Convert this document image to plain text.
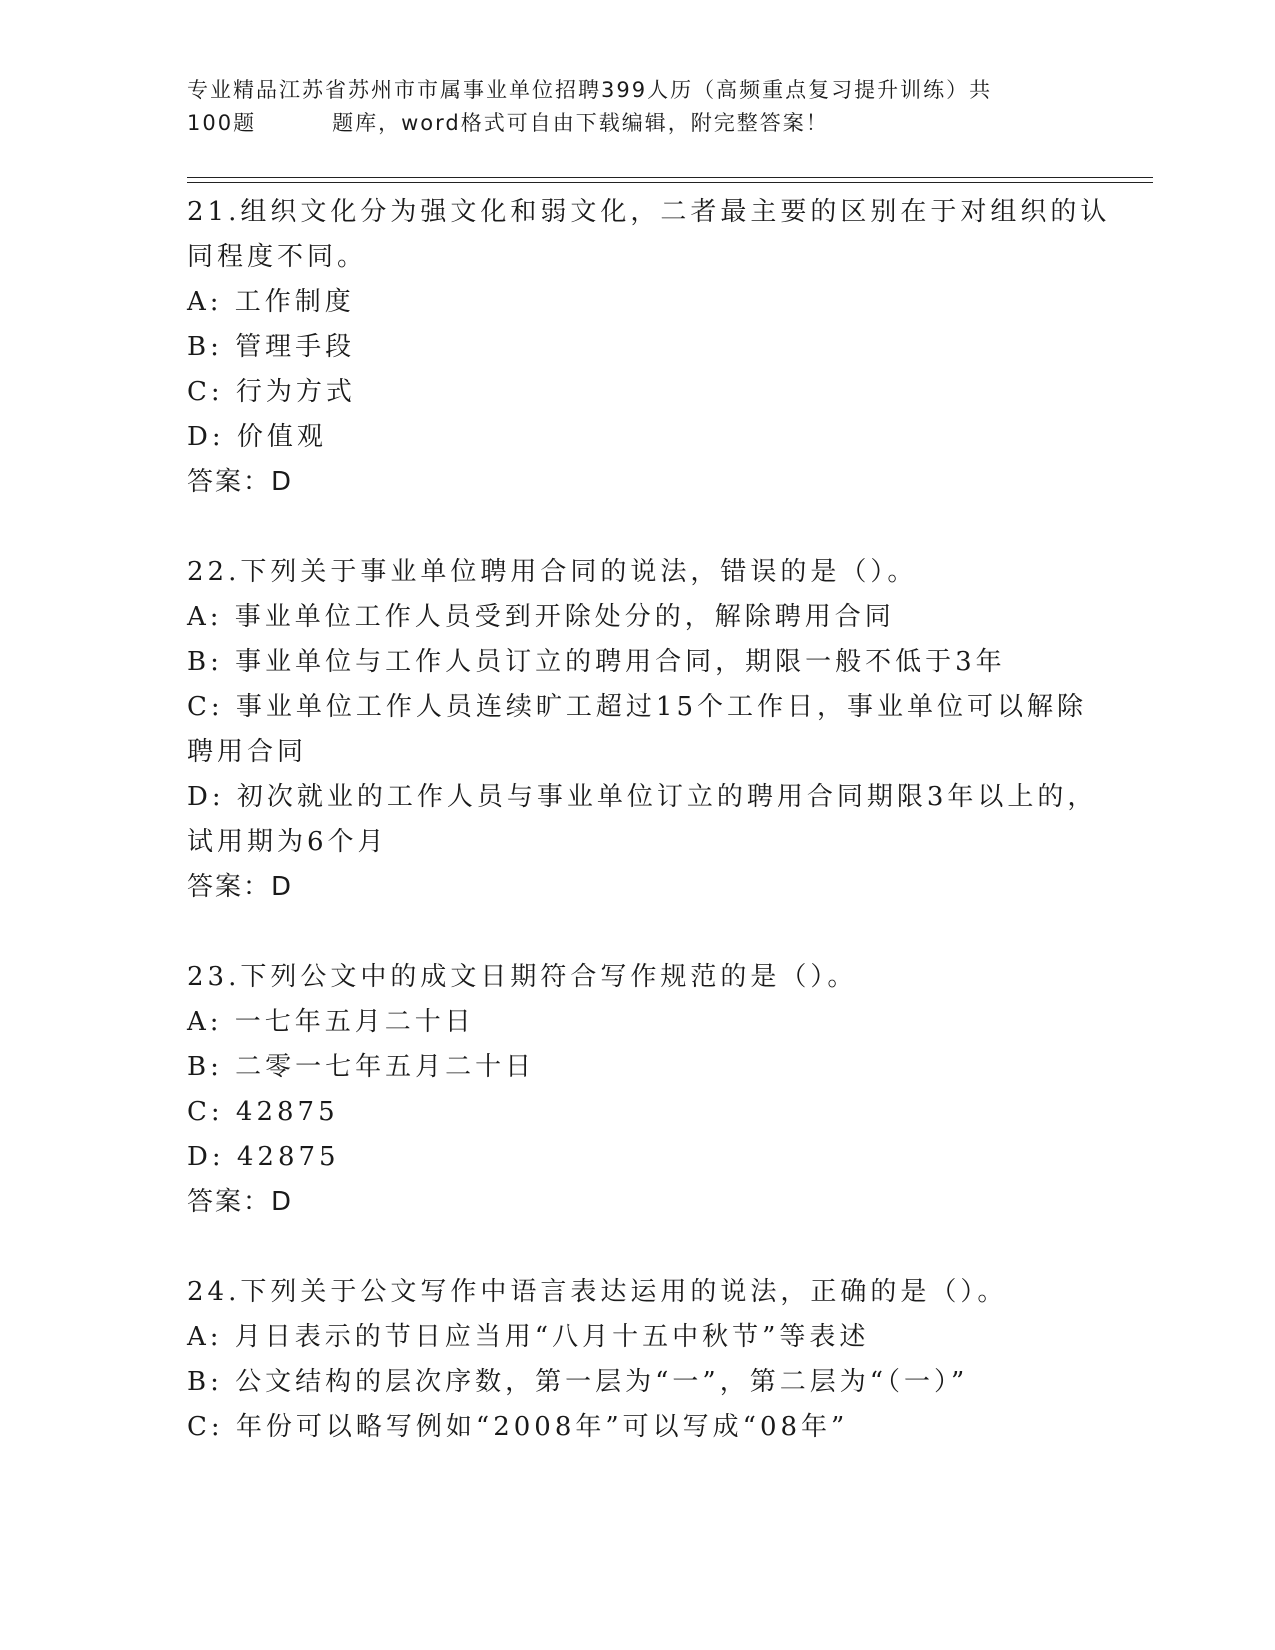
专业精品江苏省苏州市市属事业单位招聘399人历（高频重点复习提升训练）共
100题	题库，word格式可自由下载编辑，附完整答案！
21.组织文化分为强文化和弱文化，二者最主要的区别在于对组织的认
同程度不同。
A: 工作制度
B: 管理手段
C: 行为方式
D: 价值观
答案：D
22.下列关于事业单位聘用合同的说法，错误的是（）。
A: 事业单位工作人员受到开除处分的，解除聘用合同
B: 事业单位与工作人员订立的聘用合同，期限一般不低于3年
C: 事业单位工作人员连续旷工超过15个工作日，事业单位可以解除
聘用合同
D: 初次就业的工作人员与事业单位订立的聘用合同期限3年以上的，
试用期为6个月
答案：D
23.下列公文中的成文日期符合写作规范的是（）。
A: 一七年五月二十日
B: 二零一七年五月二十日
C: 42875
D: 42875
答案：D
24.下列关于公文写作中语言表达运用的说法，正确的是（）。
A: 月日表示的节日应当用“八月十五中秋节”等表述
B: 公文结构的层次序数，第一层为“一”，第二层为“（一）”
C: 年份可以略写例如“2008年”可以写成“08年”
